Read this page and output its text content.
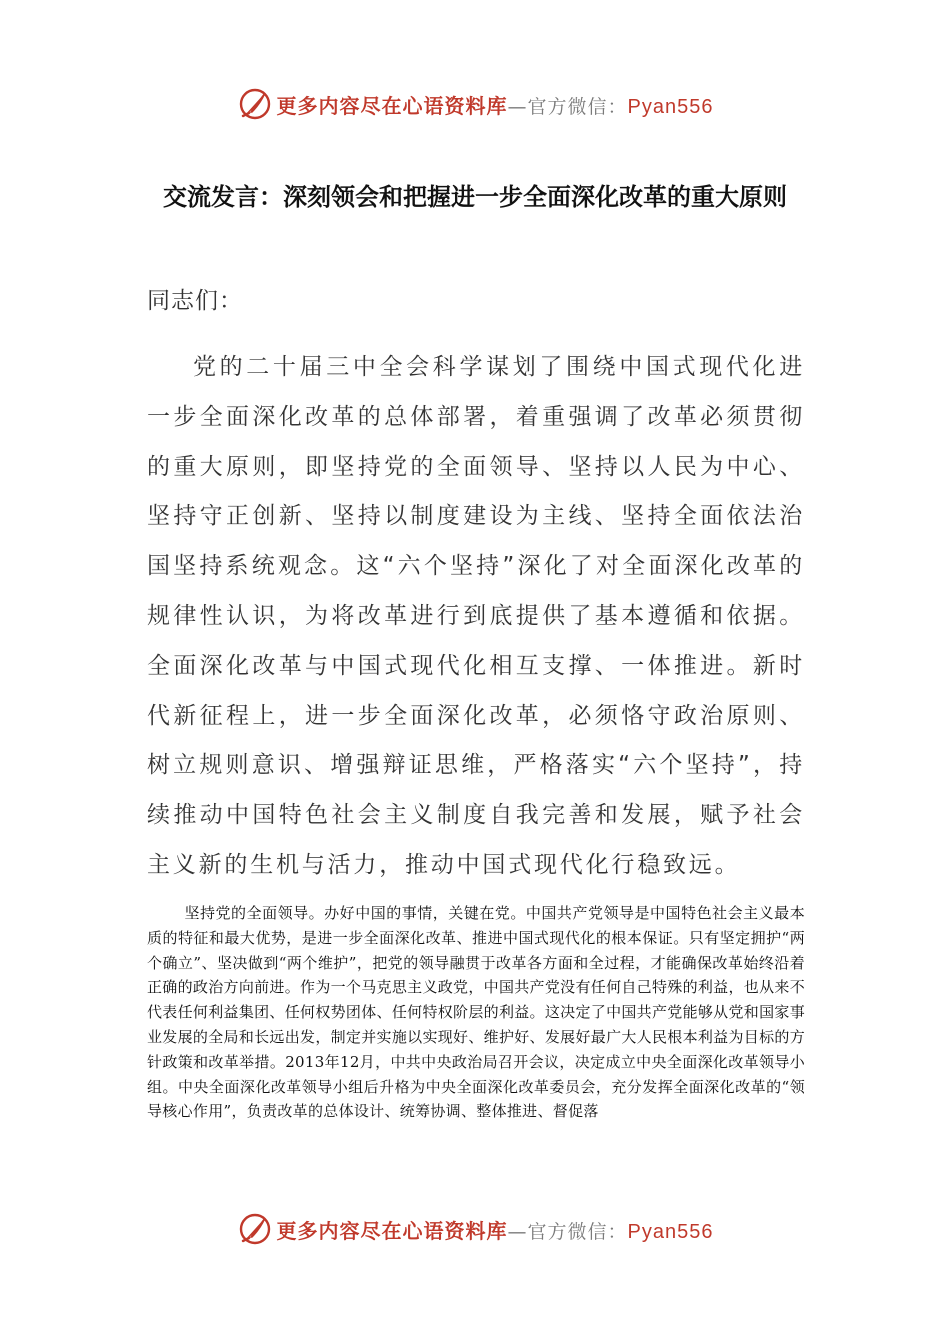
更多内容尽在心语资料库—官方微信：Pyan556
交流发言：深刻领会和把握进一步全面深化改革的重大原则

同志们：

党的二十届三中全会科学谋划了围绕中国式现代化进一步全面深化改革的总体部署，着重强调了改革必须贯彻的重大原则，即坚持党的全面领导、坚持以人民为中心、坚持守正创新、坚持以制度建设为主线、坚持全面依法治国坚持系统观念。这“六个坚持”深化了对全面深化改革的规律性认识，为将改革进行到底提供了基本遵循和依据。全面深化改革与中国式现代化相互支撑、一体推进。新时代新征程上，进一步全面深化改革，必须恪守政治原则、树立规则意识、增强辩证思维，严格落实“六个坚持”，持续推动中国特色社会主义制度自我完善和发展，赋予社会主义新的生机与活力，推动中国式现代化行稳致远。

坚持党的全面领导。办好中国的事情，关键在党。中国共产党领导是中国特色社会主义最本质的特征和最大优势，是进一步全面深化改革、推进中国式现代化的根本保证。只有坚定拥护“两个确立”、坚决做到“两个维护”，把党的领导融贯于改革各方面和全过程，才能确保改革始终沿着正确的政治方向前进。作为一个马克思主义政党，中国共产党没有任何自己特殊的利益，也从来不代表任何利益集团、任何权势团体、任何特权阶层的利益。这决定了中国共产党能够从党和国家事业发展的全局和长远出发，制定并实施以实现好、维护好、发展好最广大人民根本利益为目标的方针政策和改革举措。2013年12月，中共中央政治局召开会议，决定成立中央全面深化改革领导小组。中央全面深化改革领导小组后升格为中央全面深化改革委员会，充分发挥全面深化改革的“领导核心作用”，负责改革的总体设计、统筹协调、整体推进、督促落

更多内容尽在心语资料库—官方微信：Pyan556
